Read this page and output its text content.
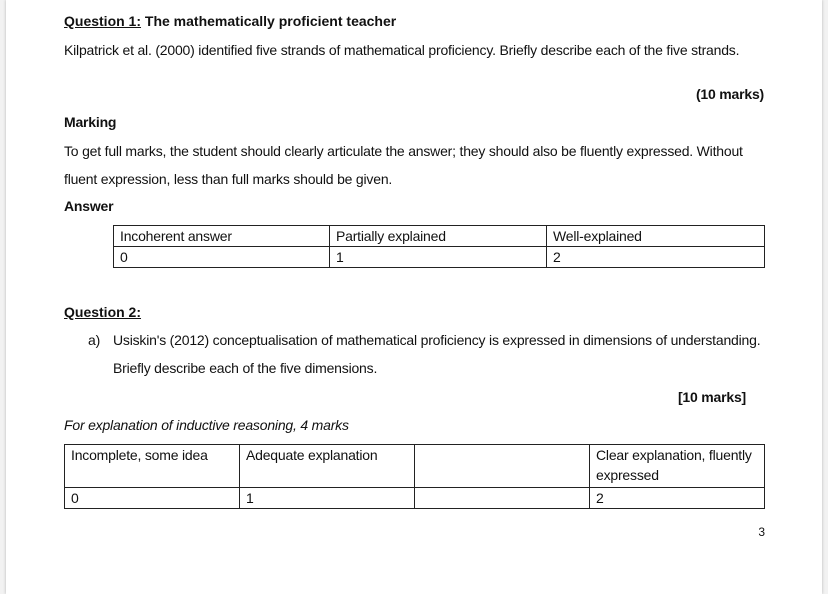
Question 1: The mathematically proficient teacher
Kilpatrick et al. (2000) identified five strands of mathematical proficiency. Briefly describe each of the five strands.
(10 marks)
Marking
To get full marks, the student should clearly articulate the answer; they should also be fluently expressed. Without
fluent expression, less than full marks should be given.
Answer
Incoherent answer	Partially explained	Well-explained
0	1	2
Question 2:
a) Usiskin's (2012) conceptualisation of mathematical proficiency is expressed in dimensions of understanding.
Briefly describe each of the five dimensions.
[10 marks]
For explanation of inductive reasoning, 4 marks
Incomplete, some idea	Adequate explanation		Clear explanation, fluently expressed
0	1		2
3
